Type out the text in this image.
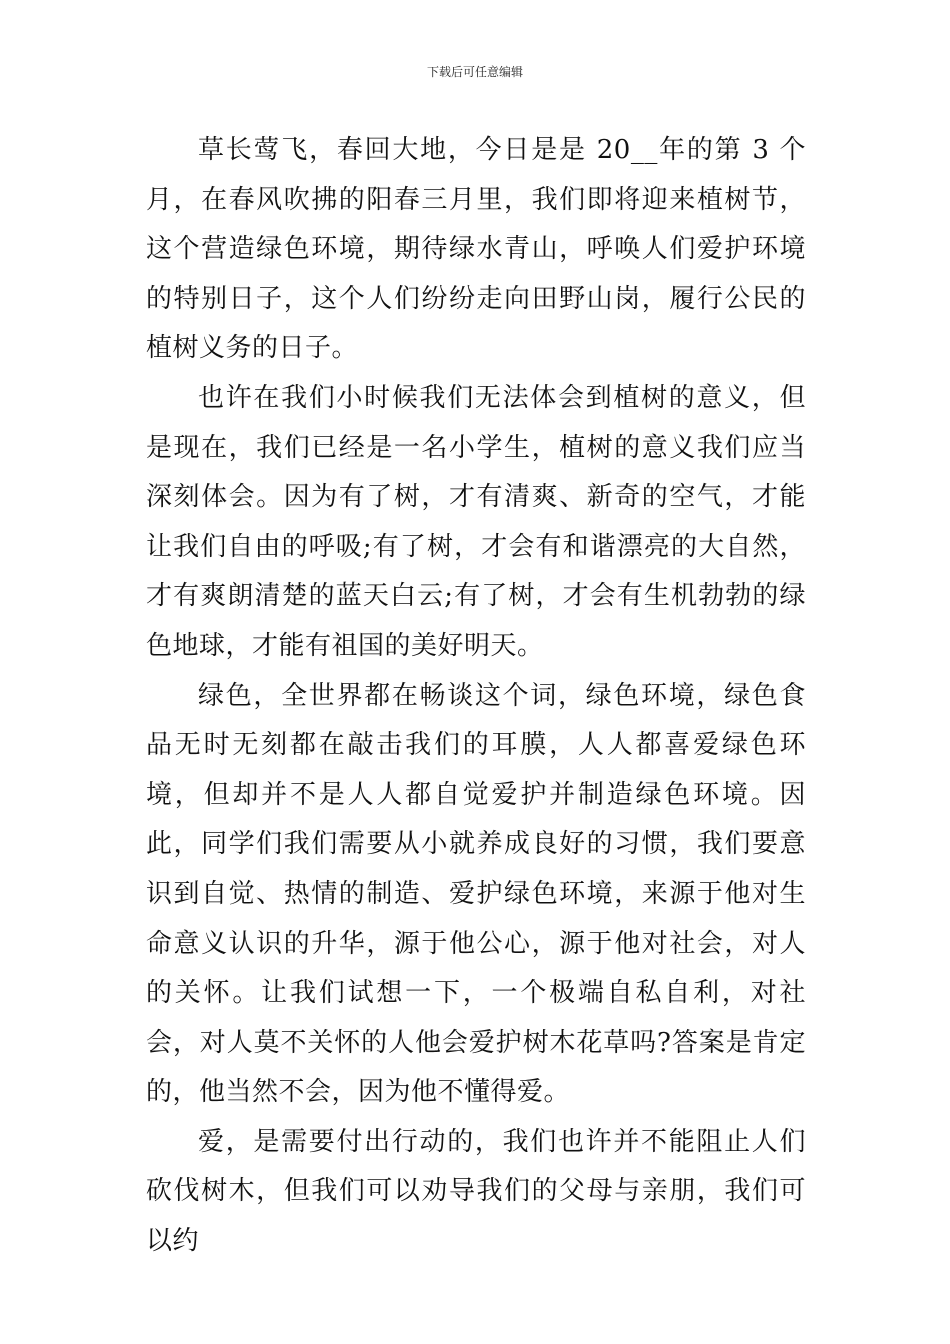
下载后可任意编辑

草长莺飞，春回大地，今日是是 20__年的第 3 个月，在春风吹拂的阳春三月里，我们即将迎来植树节，这个营造绿色环境，期待绿水青山，呼唤人们爱护环境的特别日子，这个人们纷纷走向田野山岗，履行公民的植树义务的日子。

也许在我们小时候我们无法体会到植树的意义，但是现在，我们已经是一名小学生，植树的意义我们应当深刻体会。因为有了树，才有清爽、新奇的空气，才能让我们自由的呼吸;有了树，才会有和谐漂亮的大自然，才有爽朗清楚的蓝天白云;有了树，才会有生机勃勃的绿色地球，才能有祖国的美好明天。

绿色，全世界都在畅谈这个词，绿色环境，绿色食品无时无刻都在敲击我们的耳膜，人人都喜爱绿色环境，但却并不是人人都自觉爱护并制造绿色环境。因此，同学们我们需要从小就养成良好的习惯，我们要意识到自觉、热情的制造、爱护绿色环境，来源于他对生命意义认识的升华，源于他公心，源于他对社会，对人的关怀。让我们试想一下，一个极端自私自利，对社会，对人莫不关怀的人他会爱护树木花草吗?答案是肯定的，他当然不会，因为他不懂得爱。

爱，是需要付出行动的，我们也许并不能阻止人们砍伐树木，但我们可以劝导我们的父母与亲朋，我们可以约
